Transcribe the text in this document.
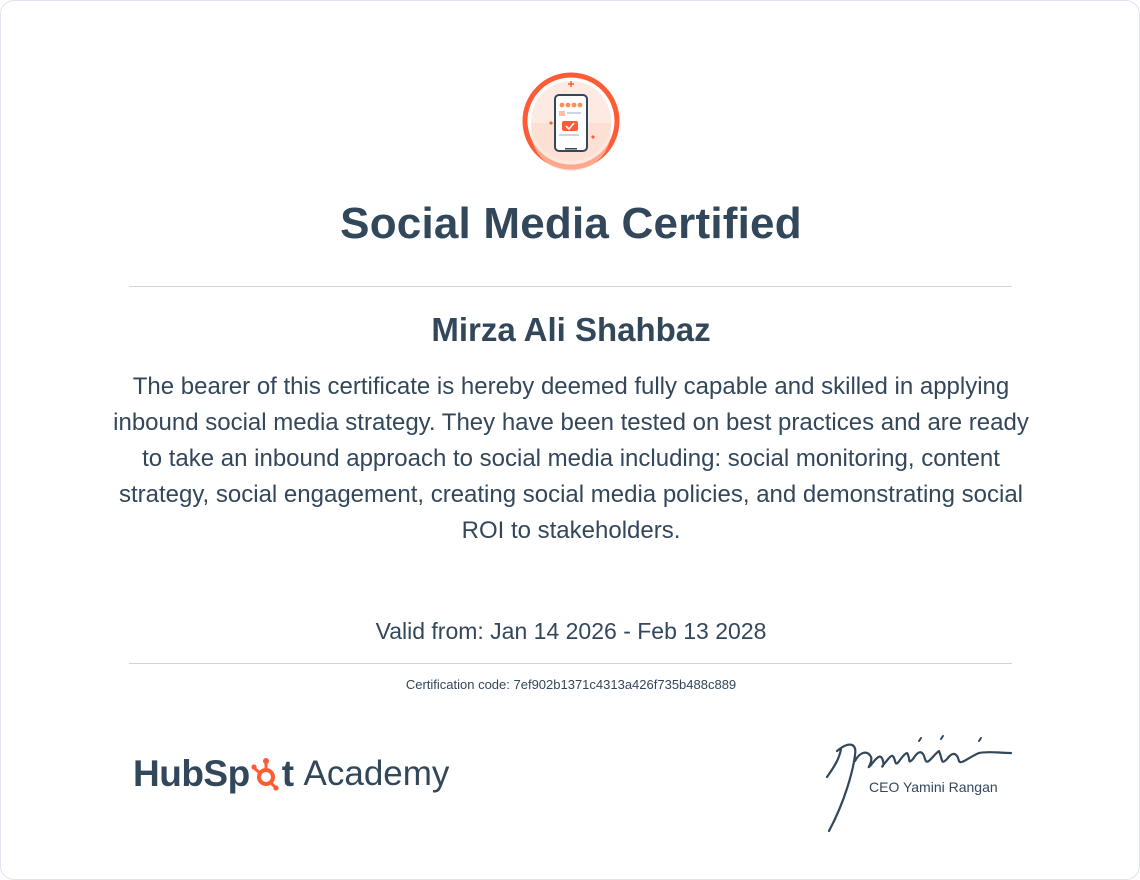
Social Media Certified
Mirza Ali Shahbaz
The bearer of this certificate is hereby deemed fully capable and skilled in applying inbound social media strategy. They have been tested on best practices and are ready to take an inbound approach to social media including: social monitoring, content strategy, social engagement, creating social media policies, and demonstrating social ROI to stakeholders.
Valid from: Jan 14 2026 - Feb 13 2028
Certification code: 7ef902b1371c4313a426f735b488c889
HubSp t Academy	CEO Yamini Rangan
